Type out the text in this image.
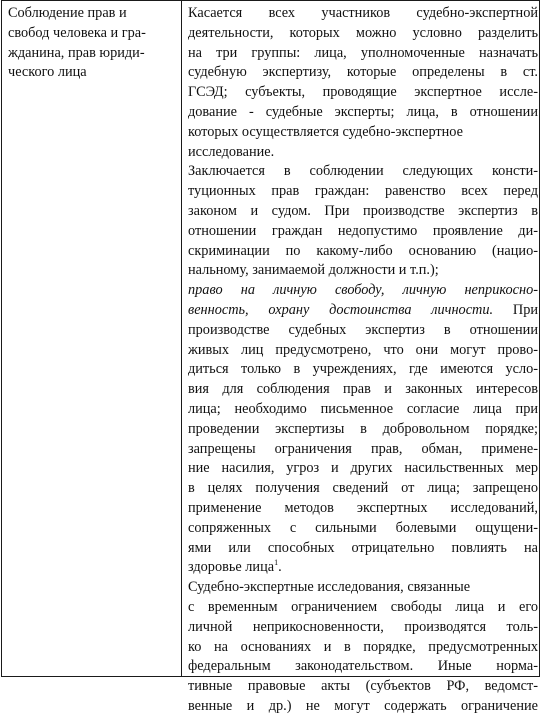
Соблюдение прав и
свобод человека и гра-
жданина, прав юриди-
ческого лица
Касается всех участников судебно-экспертной
деятельности, которых можно условно разделить
на три группы: лица, уполномоченные назначать
судебную экспертизу, которые определены в ст.
ГСЭД; субъекты, проводящие экспертное иссле-
дование - судебные эксперты; лица, в отношении
которых осуществляется судебно-экспертное
исследование.
Заключается в соблюдении следующих консти-
туционных прав граждан: равенство всех перед
законом и судом. При производстве экспертиз в
отношении граждан недопустимо проявление ди-
скриминации по какому-либо основанию (нацио-
нальному, занимаемой должности и т.п.);
право на личную свободу, личную неприкосно-
венность, охрану достоинства личности. При
производстве судебных экспертиз в отношении
живых лиц предусмотрено, что они могут прово-
диться только в учреждениях, где имеются усло-
вия для соблюдения прав и законных интересов
лица; необходимо письменное согласие лица при
проведении экспертизы в добровольном порядке;
запрещены ограничения прав, обман, примене-
ние насилия, угроз и других насильственных мер
в целях получения сведений от лица; запрещено
применение методов экспертных исследований,
сопряженных с сильными болевыми ощущени-
ями или способных отрицательно повлиять на
здоровье лица$^1$.
Судебно-экспертные исследования, связанные
с временным ограничением свободы лица и его
личной неприкосновенности, производятся толь-
ко на основаниях и в порядке, предусмотренных
федеральным законодательством. Иные норма-
тивные правовые акты (субъектов РФ, ведомст-
венные и др.) не могут содержать ограничение
